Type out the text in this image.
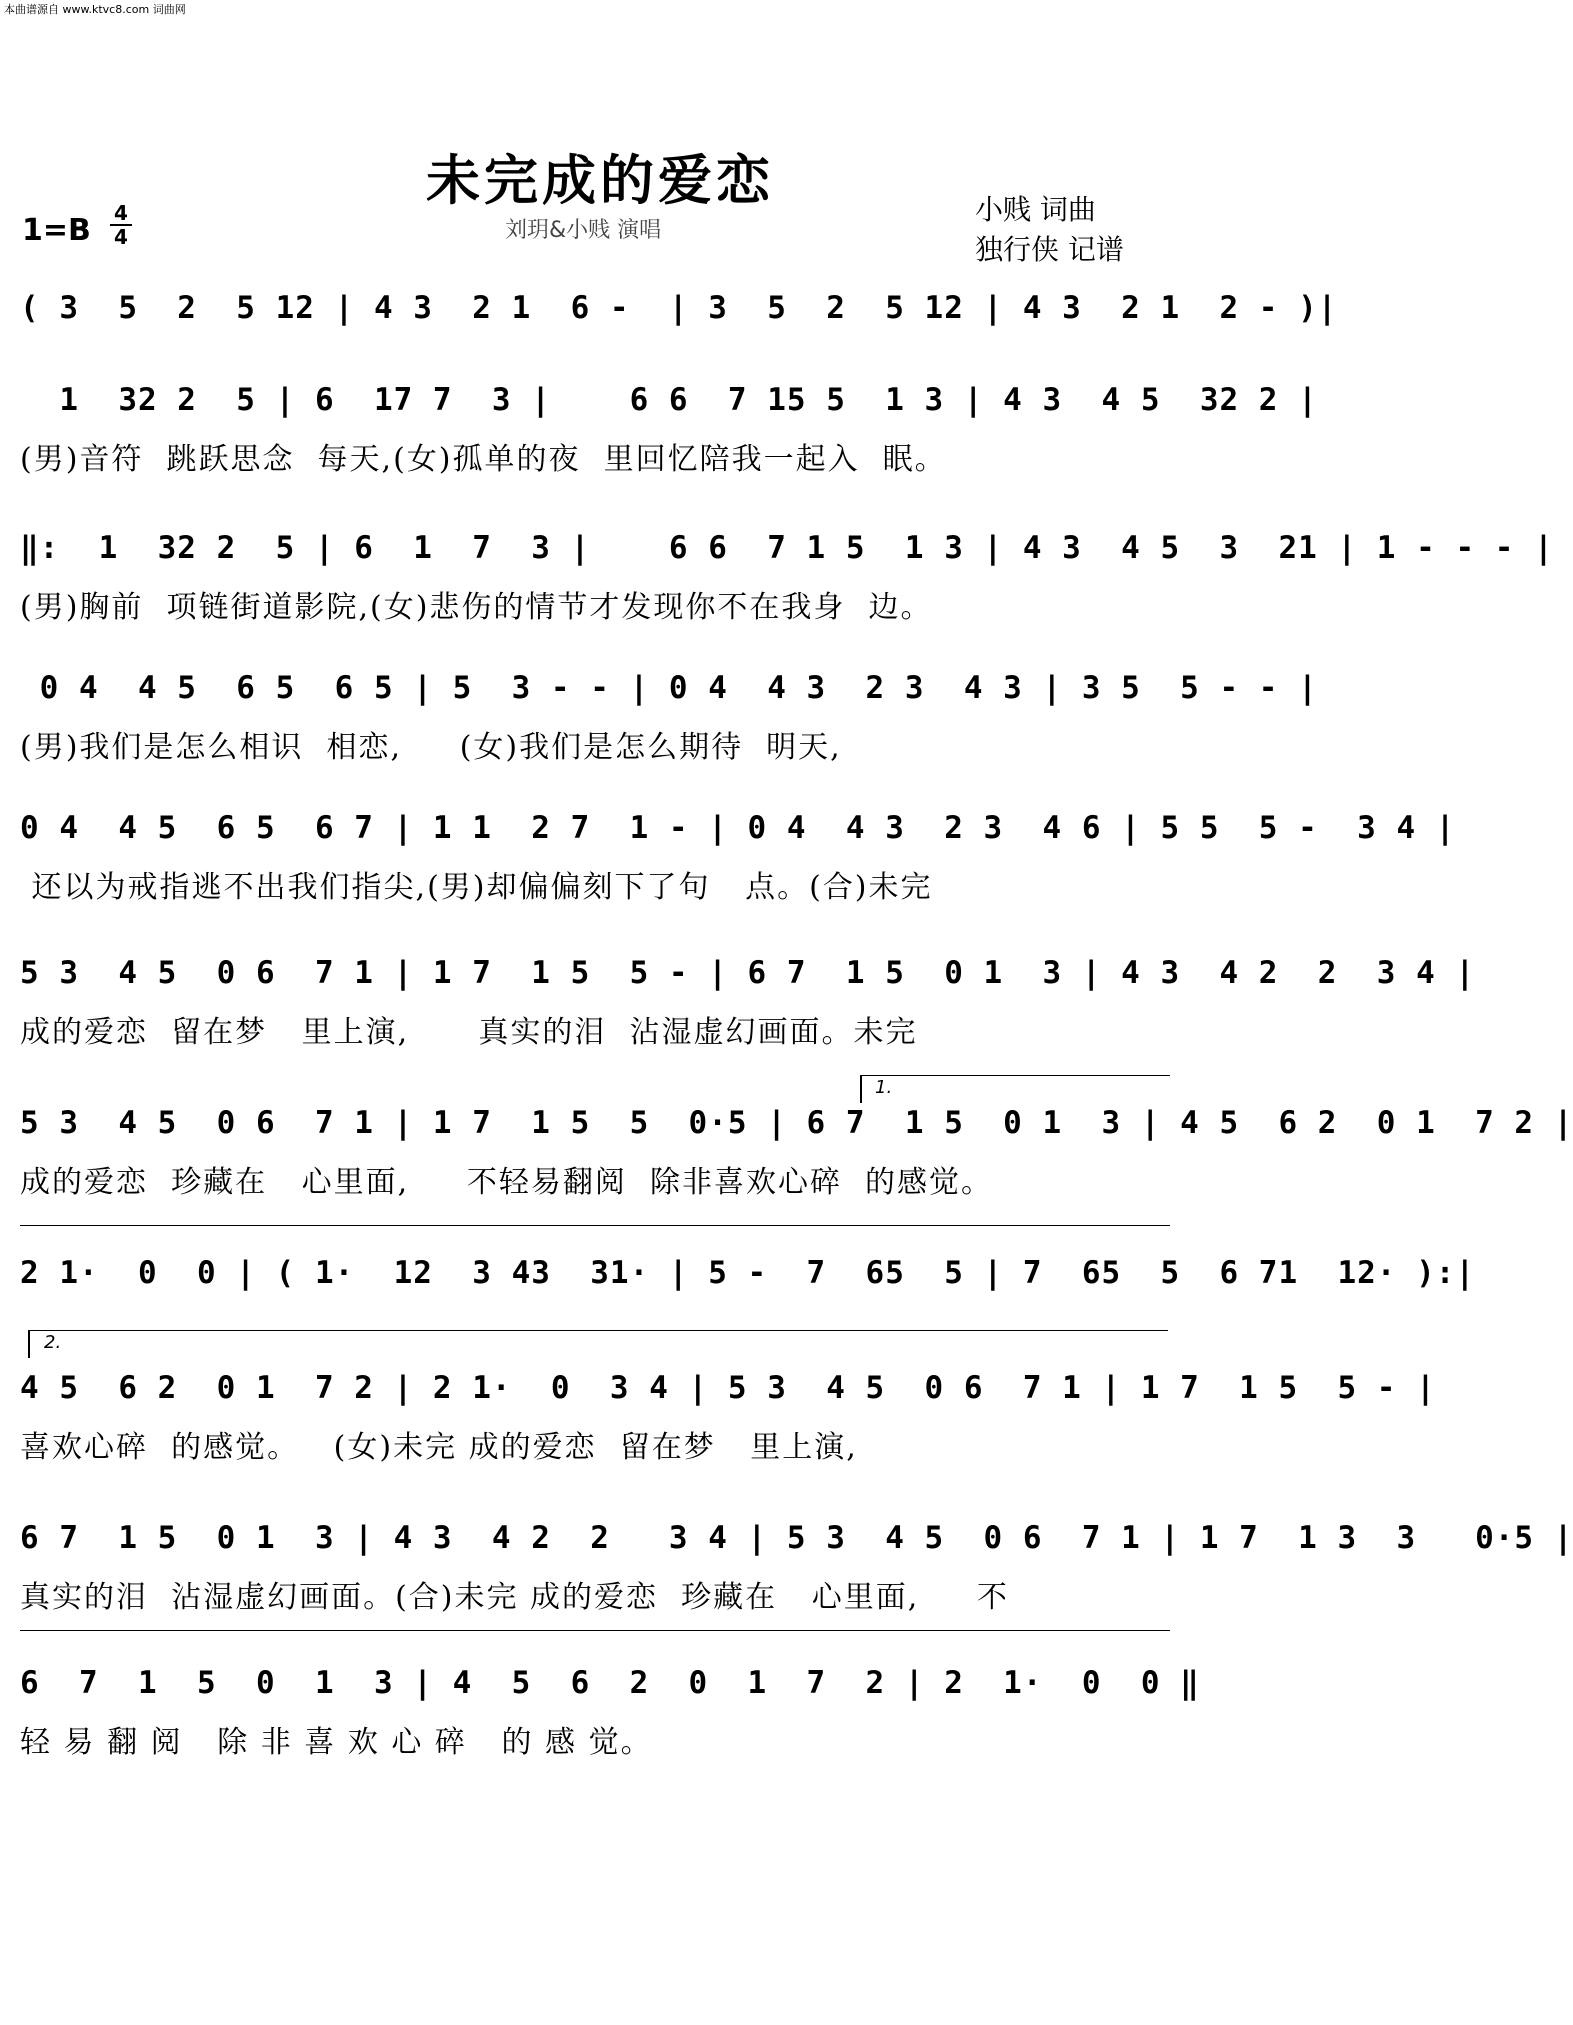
本曲谱源自 www.ktvc8.com 词曲网
未完成的爱恋
1=B 4
4	刘玥&小贱 演唱
小贱 词曲
独行侠 记谱
( 3  5  2  5 12 | 4 3  2 1  6 -  | 3  5  2  5 12 | 4 3  2 1  2 - )|
1  32 2  5 | 6  17 7  3 |    6 6  7 15 5  1 3 | 4 3  4 5  32 2 |
(男)音符  跳跃思念  每天,(女)孤单的夜  里回忆陪我一起入  眠。
‖:  1  32 2  5 | 6  1  7  3 |    6 6  7 1 5  1 3 | 4 3  4 5  3  21 | 1 - - - |
(男)胸前  项链街道影院,(女)悲伤的情节才发现你不在我身  边。
0 4  4 5  6 5  6 5 | 5  3 - - | 0 4  4 3  2 3  4 3 | 3 5  5 - - |
(男)我们是怎么相识  相恋,     (女)我们是怎么期待  明天,
0 4  4 5  6 5  6 7 | 1 1  2 7  1 - | 0 4  4 3  2 3  4 6 | 5 5  5 -  3 4 |
还以为戒指逃不出我们指尖,(男)却偏偏刻下了句   点。(合)未完
5 3  4 5  0 6  7 1 | 1 7  1 5  5 - | 6 7  1 5  0 1  3 | 4 3  4 2  2  3 4 |
成的爱恋  留在梦   里上演,      真实的泪  沾湿虚幻画面。未完
5 3  4 5  0 6  7 1 | 1 7  1 5  5  0·5 | 6 7  1 5  0 1  3 | 4 5  6 2  0 1  7 2 |
成的爱恋  珍藏在   心里面,     不轻易翻阅  除非喜欢心碎  的感觉。
1.
2 1·  0  0 | ( 1·  12  3 43  31· | 5 -  7  65  5 | 7  65  5  6 71  12· ):|
2.
4 5  6 2  0 1  7 2 | 2 1·  0  3 4 | 5 3  4 5  0 6  7 1 | 1 7  1 5  5 - |
喜欢心碎  的感觉。   (女)未完 成的爱恋  留在梦   里上演,
6 7  1 5  0 1  3 | 4 3  4 2  2   3 4 | 5 3  4 5  0 6  7 1 | 1 7  1 3  3   0·5 |
真实的泪  沾湿虚幻画面。(合)未完 成的爱恋  珍藏在   心里面,     不
6  7  1  5  0  1  3 | 4  5  6  2  0  1  7  2 | 2  1·  0  0 ‖
轻 易 翻 阅   除 非 喜 欢 心 碎   的 感 觉。
